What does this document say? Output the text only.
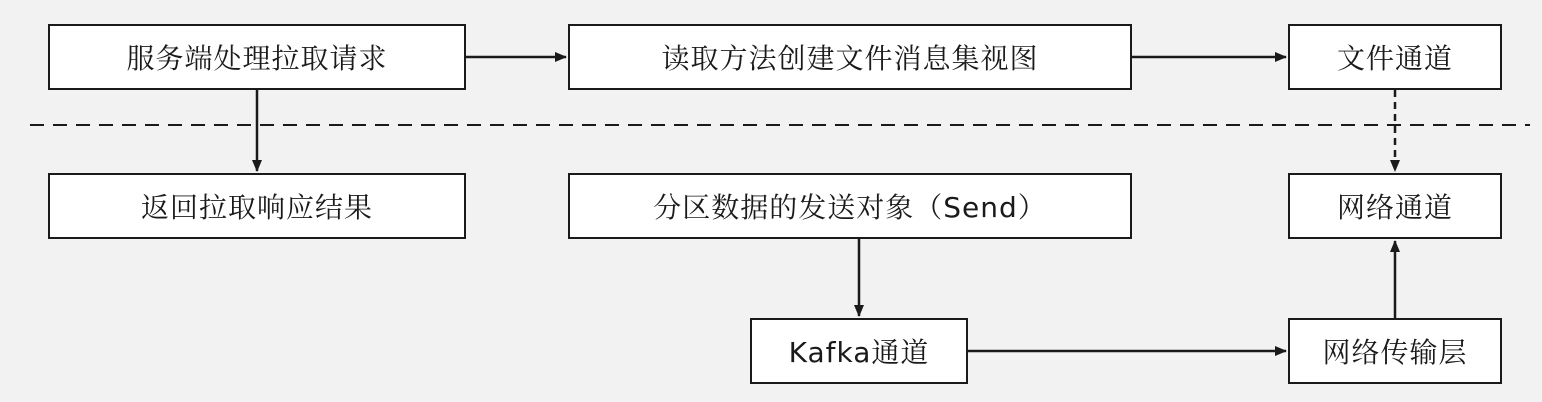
服务端处理拉取请求	读取方法创建文件消息集视图	文件通道
返回拉取响应结果	分区数据的发送对象（Send）	网络通道
Kafka通道	网络传输层
